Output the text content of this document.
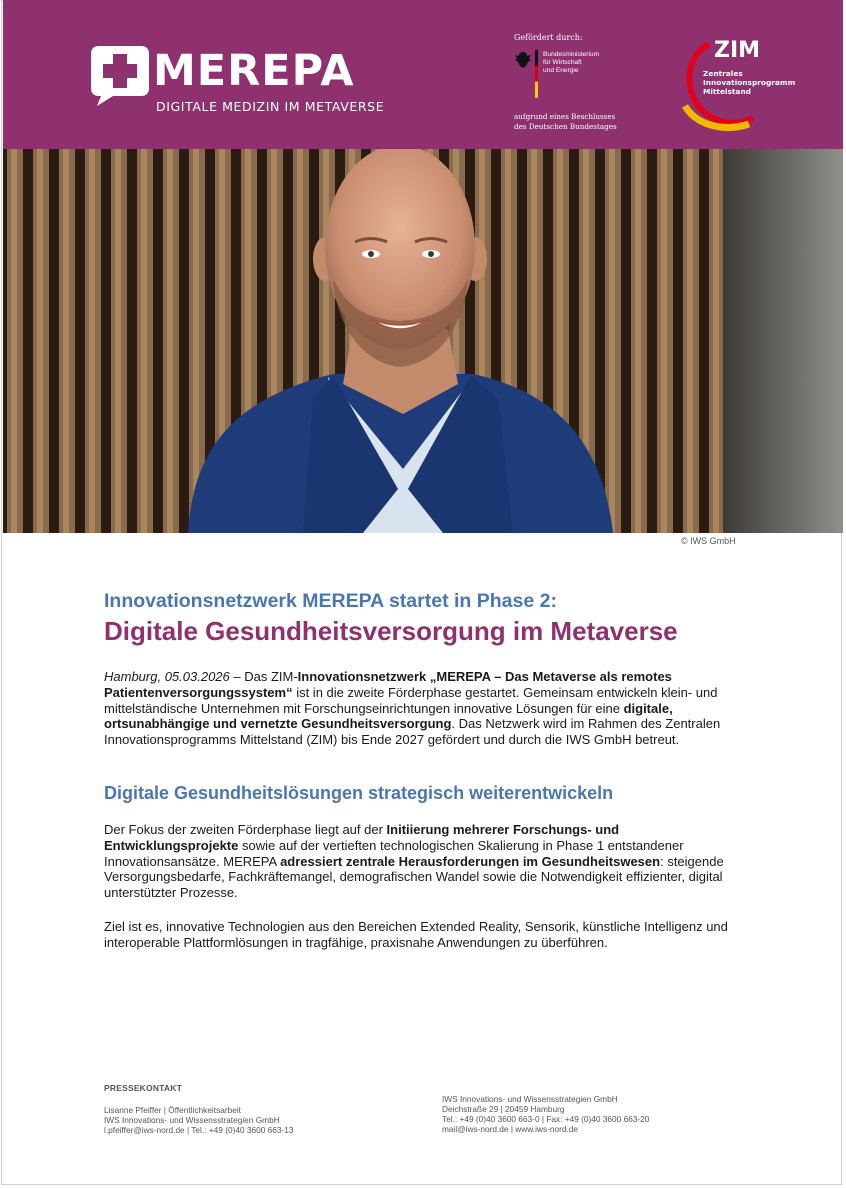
MEREPA
DIGITALE MEDIZIN IM METAVERSE
Gefördert durch:
Bundesministerium
für Wirtschaft
und Energie
aufgrund eines Beschlusses
des Deutschen Bundestages
ZIM
Zentrales
Innovationsprogramm
Mittelstand
© IWS GmbH
Innovationsnetzwerk MEREPA startet in Phase 2:
Digitale Gesundheitsversorgung im Metaverse
Hamburg, 05.03.2026 – Das ZIM-Innovationsnetzwerk „MEREPA – Das Metaverse als remotes Patientenversorgungssystem“ ist in die zweite Förderphase gestartet. Gemeinsam entwickeln klein- und mittelständische Unternehmen mit Forschungseinrichtungen innovative Lösungen für eine digitale, ortsunabhängige und vernetzte Gesundheitsversorgung. Das Netzwerk wird im Rahmen des Zentralen Innovationsprogramms Mittelstand (ZIM) bis Ende 2027 gefördert und durch die IWS GmbH betreut.
Digitale Gesundheitslösungen strategisch weiterentwickeln
Der Fokus der zweiten Förderphase liegt auf der Initiierung mehrerer Forschungs- und Entwicklungsprojekte sowie auf der vertieften technologischen Skalierung in Phase 1 entstandener Innovationsansätze. MEREPA adressiert zentrale Herausforderungen im Gesundheitswesen: steigende Versorgungsbedarfe, Fachkräftemangel, demografischen Wandel sowie die Notwendigkeit effizienter, digital unterstützter Prozesse.
Ziel ist es, innovative Technologien aus den Bereichen Extended Reality, Sensorik, künstliche Intelligenz und interoperable Plattformlösungen in tragfähige, praxisnahe Anwendungen zu überführen.
PRESSEKONTAKT
Lisanne Pfeiffer | Öffentlichkeitsarbeit
IWS Innovations- und Wissensstrategien GmbH
l.pfeiffer@iws-nord.de | Tel.: +49 (0)40 3600 663-13
IWS Innovations- und Wissensstrategien GmbH
Deichstraße 29 | 20459 Hamburg
Tel.: +49 (0)40 3600 663-0 | Fax: +49 (0)40 3600 663-20
mail@iws-nord.de | www.iws-nord.de
